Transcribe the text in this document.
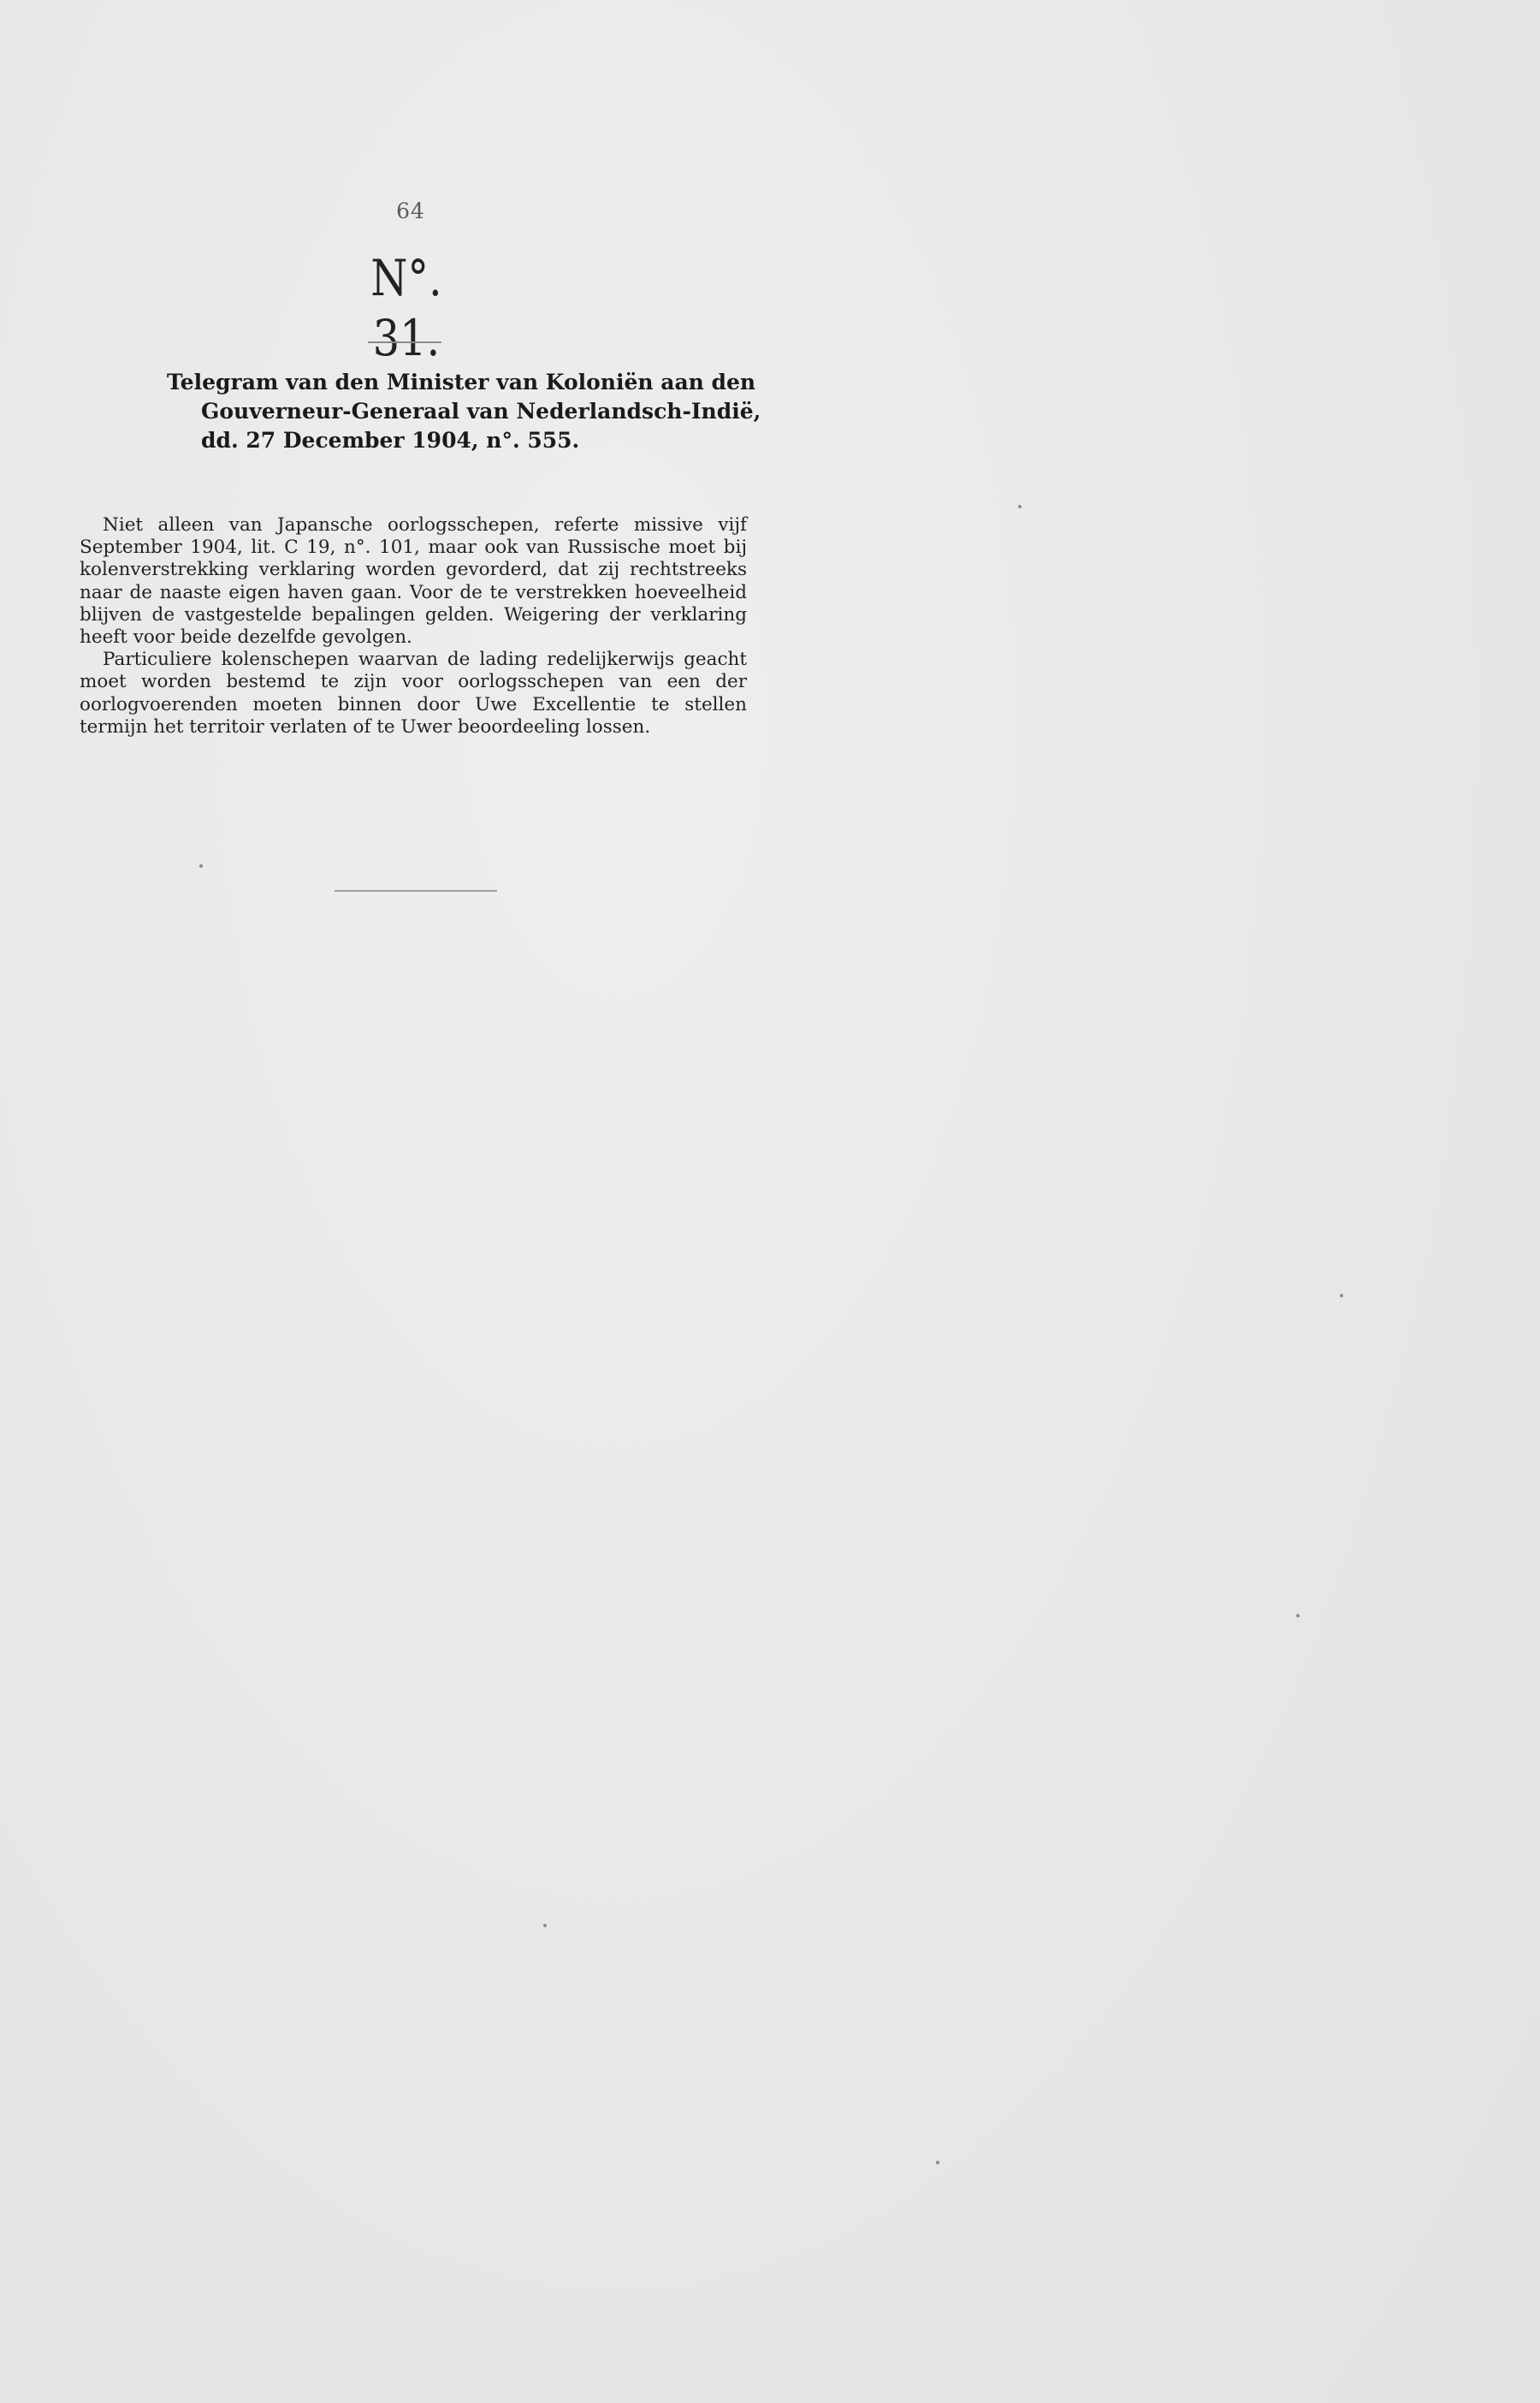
64
N°. 31.
Telegram van den Minister van Koloniën aan den
Gouverneur-Generaal van Nederlandsch-Indië,
dd. 27 December 1904, n°. 555.

Niet alleen van Japansche oorlogsschepen, referte missive vijf September 1904, lit. C 19, n°. 101, maar ook van Russische moet bij kolenverstrekking verklaring worden gevorderd, dat zij rechtstreeks naar de naaste eigen haven gaan. Voor de te verstrekken hoeveelheid blijven de vastgestelde bepalingen gelden. Weigering der verklaring heeft voor beide dezelfde gevolgen.

Particuliere kolenschepen waarvan de lading redelijkerwijs geacht moet worden bestemd te zijn voor oorlogsschepen van een der oorlogvoerenden moeten binnen door Uwe Excellentie te stellen termijn het territoir verlaten of te Uwer beoordeeling lossen.
